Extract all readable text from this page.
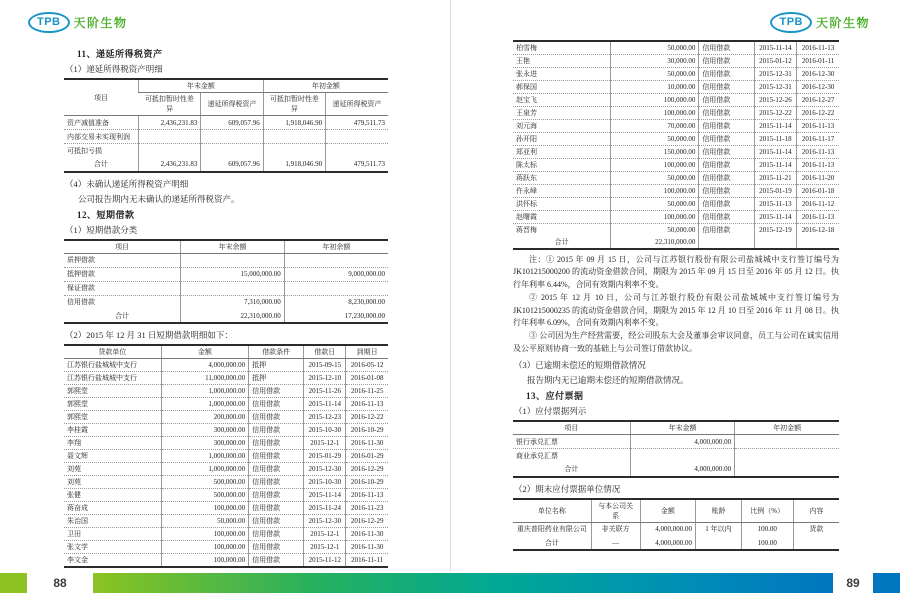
TPB	天阶生物
11、递延所得税资产
（1）递延所得税资产明细
项目	年末金额		年初金额	
	可抵扣暂时性差异	递延所得税资产	可抵扣暂时性差异	递延所得税资产
资产减值准备	2,436,231.83	609,057.96	1,918,046.90	479,511.73
内部交易未实现利润				
可抵扣亏损				
合计	2,436,231.83	609,057.96	1,918,046.90	479,511.73
（4）未确认递延所得税资产明细
公司报告期内无未确认的递延所得税资产。
12、短期借款
（1）短期借款分类
项目	年末余额	年初余额
质押借款		
抵押借款	15,000,000.00	9,000,000.00
保证借款		
信用借款	7,310,000.00	8,230,000.00
合计	22,310,000.00	17,230,000.00
（2）2015 年 12 月 31 日短期借款明细如下：
贷款单位	金额	借款条件	借款日	到期日
江苏银行盐城城中支行	4,000,000.00	抵押	2015-09-15	2016-05-12
江苏银行盐城城中支行	11,000,000.00	抵押	2015-12-10	2016-01-08
郭熙堂	1,000,000.00	信用借款	2015-11-26	2016-11-25
郭熙堂	1,000,000.00	信用借款	2015-11-14	2016-11-13
郭熙堂	200,000.00	信用借款	2015-12-23	2016-12-22
李桂霞	300,000.00	信用借款	2015-10-30	2016-10-29
李翔	300,000.00	信用借款	2015-12-1	2016-11-30
聂文辉	1,000,000.00	信用借款	2015-01-29	2016-01-29
刘苑	1,000,000.00	信用借款	2015-12-30	2016-12-29
刘苑	500,000.00	信用借款	2015-10-30	2016-10-29
张健	500,000.00	信用借款	2015-11-14	2016-11-13
蒋奋成	100,000.00	信用借款	2015-11-24	2016-11-23
朱治国	50,000.00	信用借款	2015-12-30	2016-12-29
卫田	100,000.00	信用借款	2015-12-1	2016-11-30
张文学	100,000.00	信用借款	2015-12-1	2016-11-30
李文金	100,000.00	信用借款	2015-11-12	2016-11-11
TPB	天阶生物
柏雪梅	50,000.00	信用借款	2015-11-14	2016-11-13
王艳	30,000.00	信用借款	2015-01-12	2016-01-11
张永进	50,000.00	信用借款	2015-12-31	2016-12-30
郝保国	10,000.00	信用借款	2015-12-31	2016-12-30
赵宝飞	100,000.00	信用借款	2015-12-26	2016-12-27
王泉芳	100,000.00	信用借款	2015-12-22	2016-12-22
刘元海	70,000.00	信用借款	2015-11-14	2016-11-13
孙开阳	50,000.00	信用借款	2015-11-18	2016-11-17
郑亚利	150,000.00	信用借款	2015-11-14	2016-11-13
陈太标	100,000.00	信用借款	2015-11-14	2016-11-13
蒋跃东	50,000.00	信用借款	2015-11-21	2016-11-20
仵永峰	100,000.00	信用借款	2015-01-19	2016-01-18
洪怀标	50,000.00	信用借款	2015-11-13	2016-11-12
赵曙霞	100,000.00	信用借款	2015-11-14	2016-11-13
蒋晋梅	50,000.00	信用借款	2015-12-19	2016-12-18
合计	22,310,000.00			

注：① 2015 年 09 月 15 日，公司与江苏银行股份有限公司盐城城中支行签订编号为 JK101215000200 的流动资金借款合同，期限为 2015 年 09 月 15 日至 2016 年 05 月 12 日。执行年利率 6.44%，合同有效期内利率不变。

② 2015 年 12 月 10 日，公司与江苏银行股份有限公司盐城城中支行签订编号为 JK101215000235 的流动资金借款合同，期限为 2015 年 12 月 10 日至 2016 年 11 月 08 日。执行年利率 6.09%，合同有效期内利率不变。

③ 公司因为生产经营需要，经公司股东大会及董事会审议同意，员工与公司在诚实信用及公平原则协商一致的基础上与公司签订借款协议。

（3）已逾期未偿还的短期借款情况
报告期内无已逾期未偿还的短期借款情况。
13、应付票据
（1）应付票据列示
项目	年末金额	年初金额
银行承兑汇票	4,000,000.00	
商业承兑汇票		
合计	4,000,000.00	
（2）期末应付票据单位情况
单位名称	与本公司关系	金额	账龄	比例（%）	内容
重庆普阳药业有限公司	非关联方	4,000,000.00	1 年以内	100.00	货款
合计	—	4,000,000.00		100.00	
88	89
